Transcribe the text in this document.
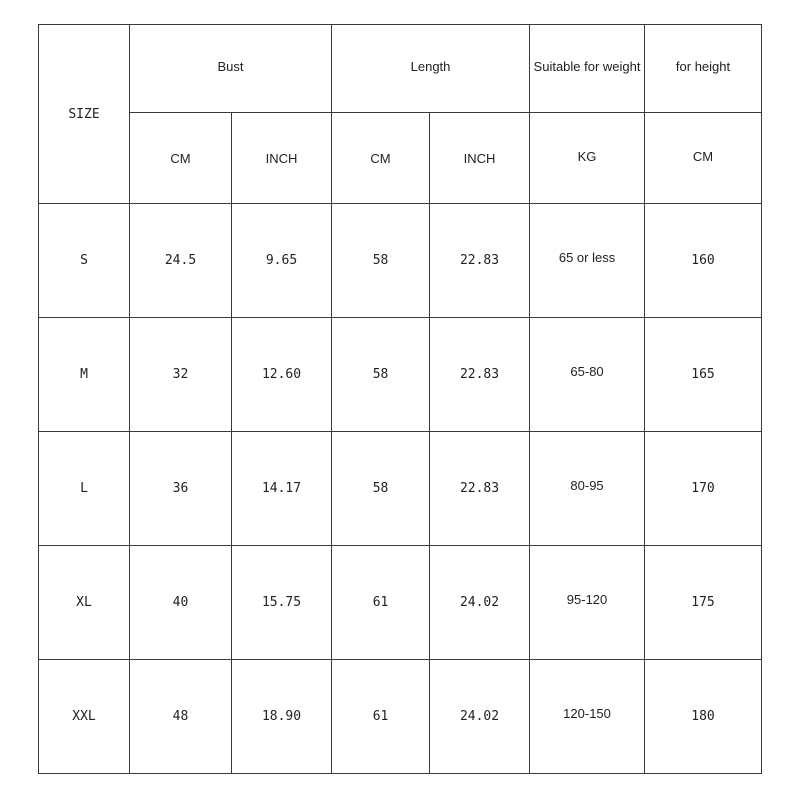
SIZE	Bust		Length		Suitable for weight	for height
	CM	INCH	CM	INCH	KG	CM
S	24.5	9.65	58	22.83	65 or less	160
M	32	12.60	58	22.83	65-80	165
L	36	14.17	58	22.83	80-95	170
XL	40	15.75	61	24.02	95-120	175
XXL	48	18.90	61	24.02	120-150	180
